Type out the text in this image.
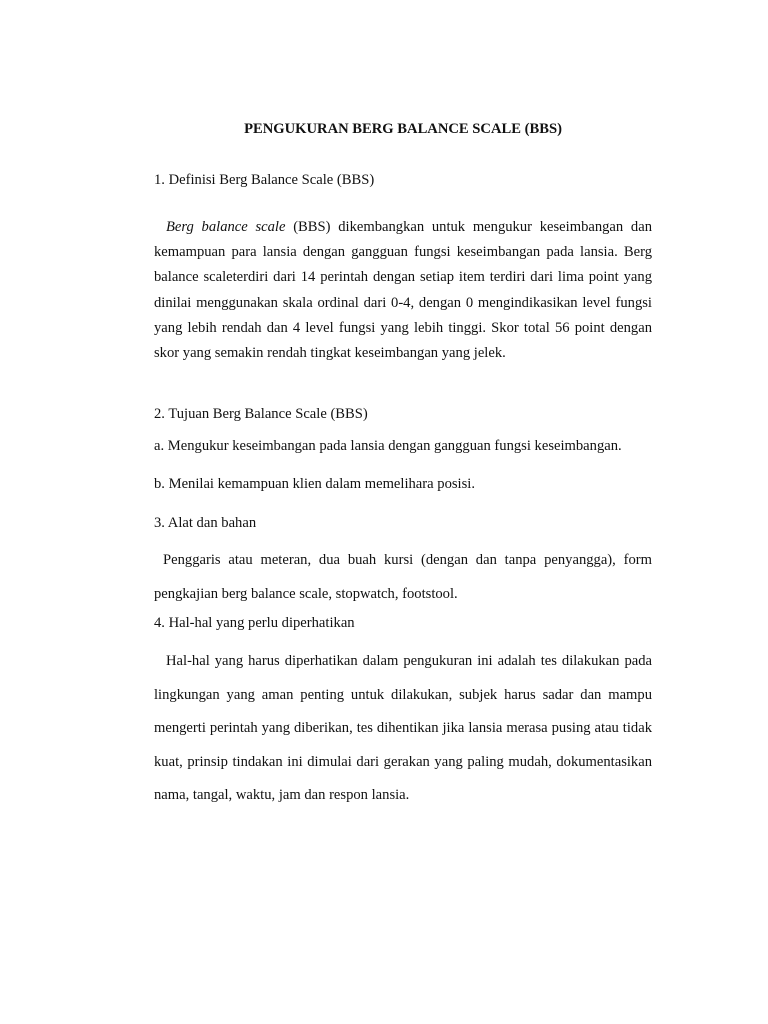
PENGUKURAN BERG BALANCE SCALE (BBS)

1. Definisi Berg Balance Scale (BBS)

Berg balance scale (BBS) dikembangkan untuk mengukur keseimbangan dan kemampuan para lansia dengan gangguan fungsi keseimbangan pada lansia. Berg balance scaleterdiri dari 14 perintah dengan setiap item terdiri dari lima point yang dinilai menggunakan skala ordinal dari 0-4, dengan 0 mengindikasikan level fungsi yang lebih rendah dan 4 level fungsi yang lebih tinggi. Skor total 56 point dengan skor yang semakin rendah tingkat keseimbangan yang jelek.

2. Tujuan Berg Balance Scale (BBS)

a. Mengukur keseimbangan pada lansia dengan gangguan fungsi keseimbangan.

b. Menilai kemampuan klien dalam memelihara posisi.

3. Alat dan bahan

Penggaris atau meteran, dua buah kursi (dengan dan tanpa penyangga), form pengkajian berg balance scale, stopwatch, footstool.

4. Hal-hal yang perlu diperhatikan

Hal-hal yang harus diperhatikan dalam pengukuran ini adalah tes dilakukan pada lingkungan yang aman penting untuk dilakukan, subjek harus sadar dan mampu mengerti perintah yang diberikan, tes dihentikan jika lansia merasa pusing atau tidak kuat, prinsip tindakan ini dimulai dari gerakan yang paling mudah, dokumentasikan nama, tangal, waktu, jam dan respon lansia.
